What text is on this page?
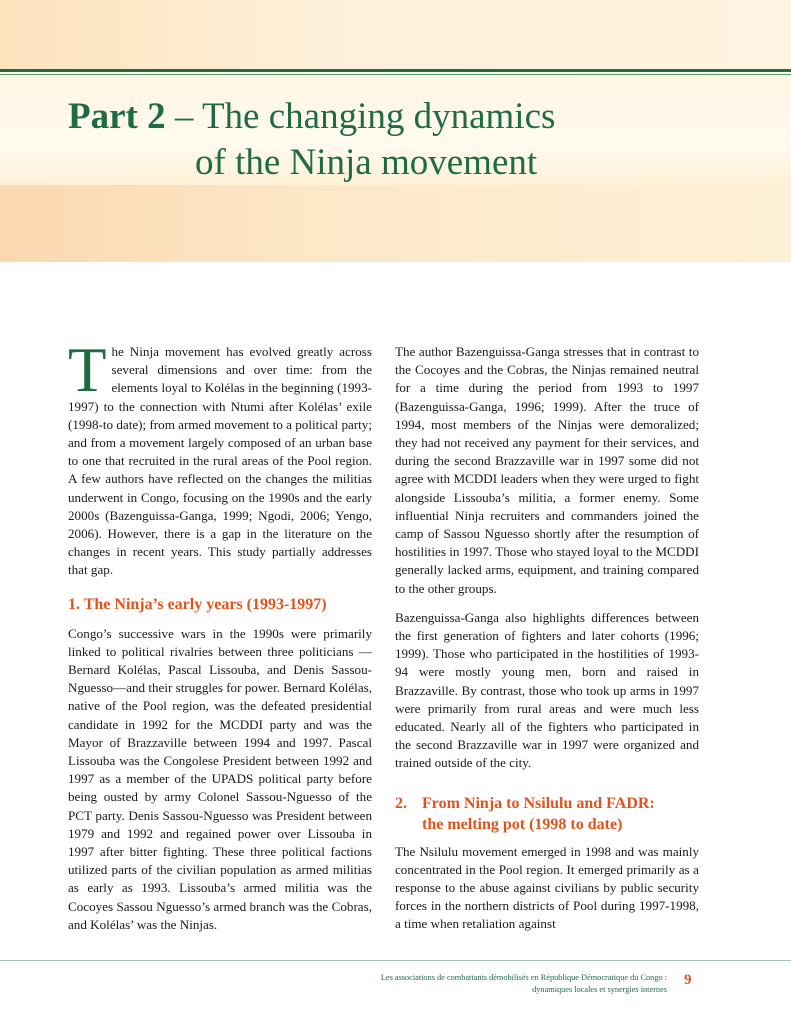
Part 2 – The changing dynamics
of the Ninja movement

The Ninja movement has evolved greatly across several dimensions and over time: from the elements loyal to Kolélas in the beginning (1993-1997) to the connection with Ntumi after Kolélas’ exile (1998-to date); from armed movement to a political party; and from a movement largely composed of an urban base to one that recruited in the rural areas of the Pool region. A few authors have reflected on the changes the militias underwent in Congo, focusing on the 1990s and the early 2000s (Bazenguissa-Ganga, 1999; Ngodi, 2006; Yengo, 2006). However, there is a gap in the literature on the changes in recent years. This study partially addresses that gap.

1. The Ninja’s early years (1993-1997)

Congo’s successive wars in the 1990s were primarily linked to political rivalries between three politicians —Bernard Kolélas, Pascal Lissouba, and Denis Sassou-Nguesso—and their struggles for power. Bernard Kolélas, native of the Pool region, was the defeated presidential candidate in 1992 for the MCDDI party and was the Mayor of Brazzaville between 1994 and 1997. Pascal Lissouba was the Congolese President between 1992 and 1997 as a member of the UPADS political party before being ousted by army Colonel Sassou-Nguesso of the PCT party. Denis Sassou-Nguesso was President between 1979 and 1992 and regained power over Lissouba in 1997 after bitter fighting. These three political factions utilized parts of the civilian population as armed militias as early as 1993. Lissouba’s armed militia was the Cocoyes Sassou Nguesso’s armed branch was the Cobras, and Kolélas’ was the Ninjas.

The author Bazenguissa-Ganga stresses that in contrast to the Cocoyes and the Cobras, the Ninjas remained neutral for a time during the period from 1993 to 1997 (Bazenguissa-Ganga, 1996; 1999). After the truce of 1994, most members of the Ninjas were demoralized; they had not received any payment for their services, and during the second Brazzaville war in 1997 some did not agree with MCDDI leaders when they were urged to fight alongside Lissouba’s militia, a former enemy. Some influential Ninja recruiters and commanders joined the camp of Sassou Nguesso shortly after the resumption of hostilities in 1997. Those who stayed loyal to the MCDDI generally lacked arms, equipment, and training compared to the other groups.

Bazenguissa-Ganga also highlights differences between the first generation of fighters and later cohorts (1996; 1999). Those who participated in the hostilities of 1993-94 were mostly young men, born and raised in Brazzaville. By contrast, those who took up arms in 1997 were primarily from rural areas and were much less educated. Nearly all of the fighters who participated in the second Brazzaville war in 1997 were organized and trained outside of the city.

2. From Ninja to Nsilulu and FADR:
the melting pot (1998 to date)

The Nsilulu movement emerged in 1998 and was mainly concentrated in the Pool region. It emerged primarily as a response to the abuse against civilians by public security forces in the northern districts of Pool during 1997-1998, a time when retaliation against

Les associations de combattants démobilisés en République Démocratique du Congo :
dynamiques locales et synergies internes
9
